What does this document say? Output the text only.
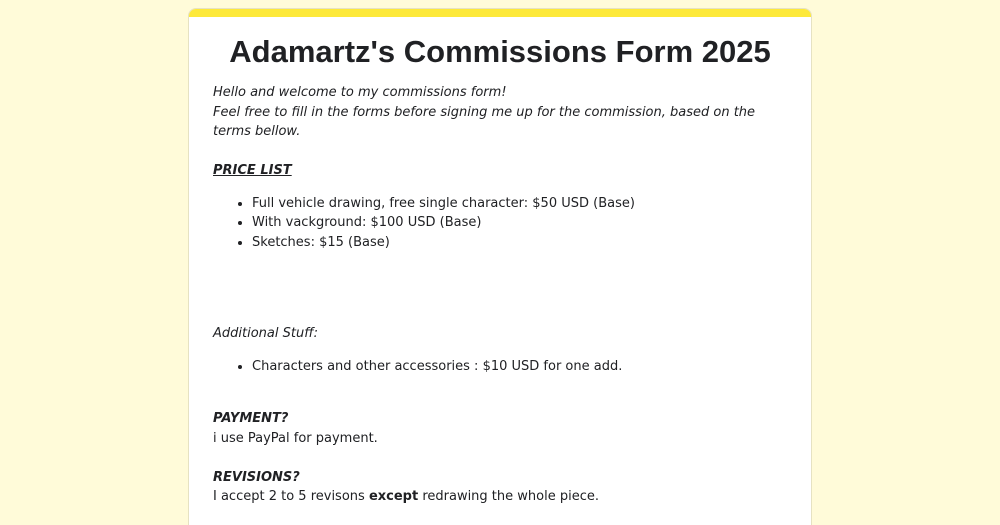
Adamartz's Commissions Form 2025

Hello and welcome to my commissions form!

Feel free to fill in the forms before signing me up for the commission, based on the terms bellow.

PRICE LIST

• Full vehicle drawing, free single character: $50 USD (Base)
• With vackground: $100 USD (Base)
• Sketches: $15 (Base)

Additional Stuff:

• Characters and other accessories : $10 USD for one add.

PAYMENT?

i use PayPal for payment.

REVISIONS?

I accept 2 to 5 revisons except redrawing the whole piece.
